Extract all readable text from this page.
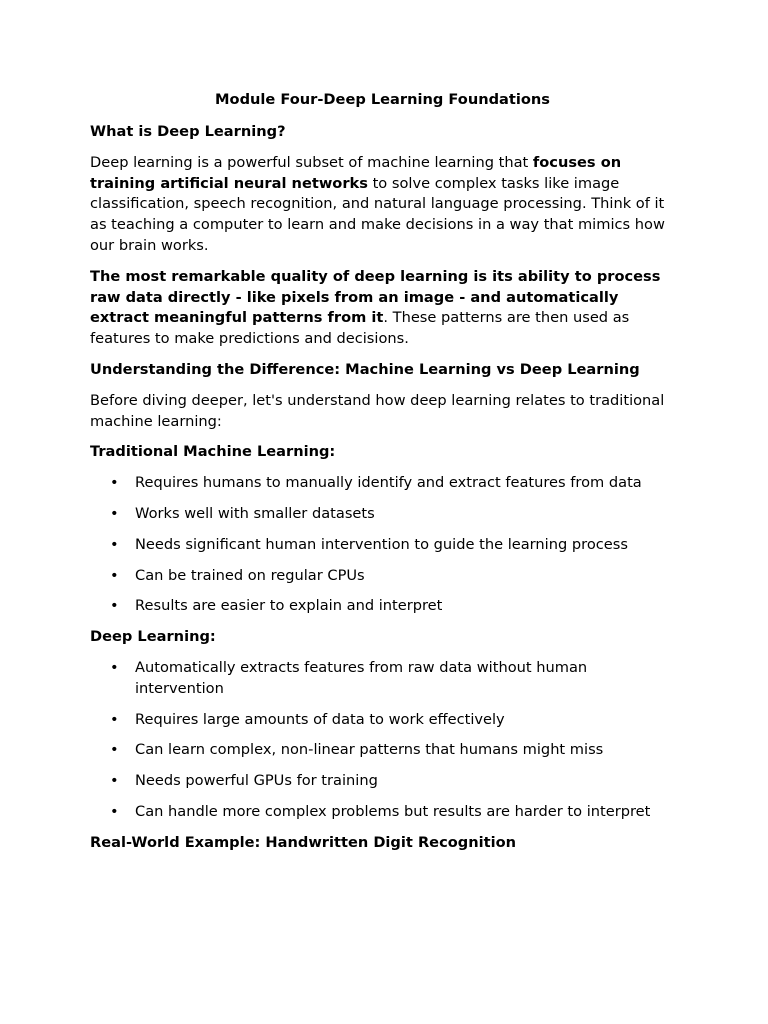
Module Four-Deep Learning Foundations
What is Deep Learning?

Deep learning is a powerful subset of machine learning that focuses on training artificial neural networks to solve complex tasks like image classification, speech recognition, and natural language processing. Think of it as teaching a computer to learn and make decisions in a way that mimics how our brain works.

The most remarkable quality of deep learning is its ability to process raw data directly - like pixels from an image - and automatically extract meaningful patterns from it. These patterns are then used as features to make predictions and decisions.

Understanding the Difference: Machine Learning vs Deep Learning

Before diving deeper, let's understand how deep learning relates to traditional machine learning:

Traditional Machine Learning:
• Requires humans to manually identify and extract features from data
• Works well with smaller datasets
• Needs significant human intervention to guide the learning process
• Can be trained on regular CPUs
• Results are easier to explain and interpret
Deep Learning:
• Automatically extracts features from raw data without human intervention
• Requires large amounts of data to work effectively
• Can learn complex, non-linear patterns that humans might miss
• Needs powerful GPUs for training
• Can handle more complex problems but results are harder to interpret
Real-World Example: Handwritten Digit Recognition
